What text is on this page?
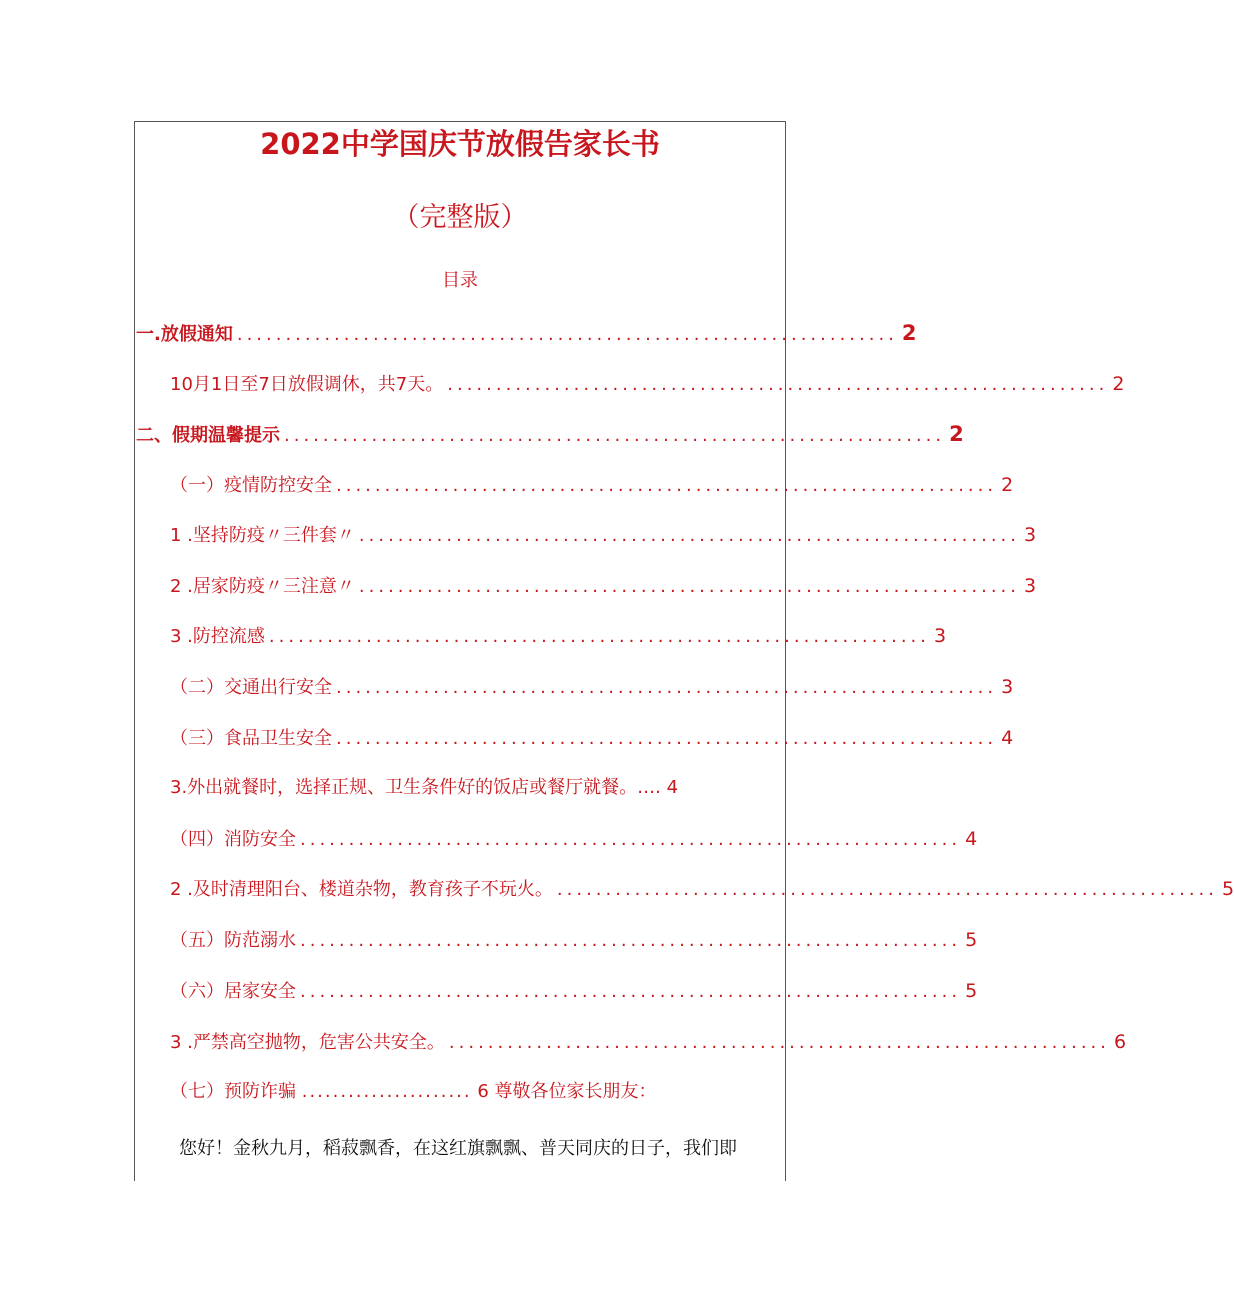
2022中学国庆节放假告家长书
（完整版）
目录
一.放假通知 .................................................................... 2
10月1日至7日放假调休，共7天。 .................................................................... 2
二、假期温馨提示 .................................................................... 2
（一）疫情防控安全 .................................................................... 2
1 .坚持防疫〃三件套〃 .................................................................... 3
2 .居家防疫〃三注意〃 .................................................................... 3
3 .防控流感 .................................................................... 3
（二）交通出行安全 .................................................................... 3
（三）食品卫生安全 .................................................................... 4
3.外出就餐时，选择正规、卫生条件好的饭店或餐厅就餐。…. 4
（四）消防安全 .................................................................... 4
2 .及时清理阳台、楼道杂物，教育孩子不玩火。 .................................................................... 5
（五）防范溺水 .................................................................... 5
（六）居家安全 .................................................................... 5
3 .严禁高空抛物，危害公共安全。 .................................................................... 6
（七）预防诈骗 ...................... 6 尊敬各位家长朋友：
您好！金秋九月，稻菽飘香，在这红旗飘飘、普天同庆的日子，我们即
